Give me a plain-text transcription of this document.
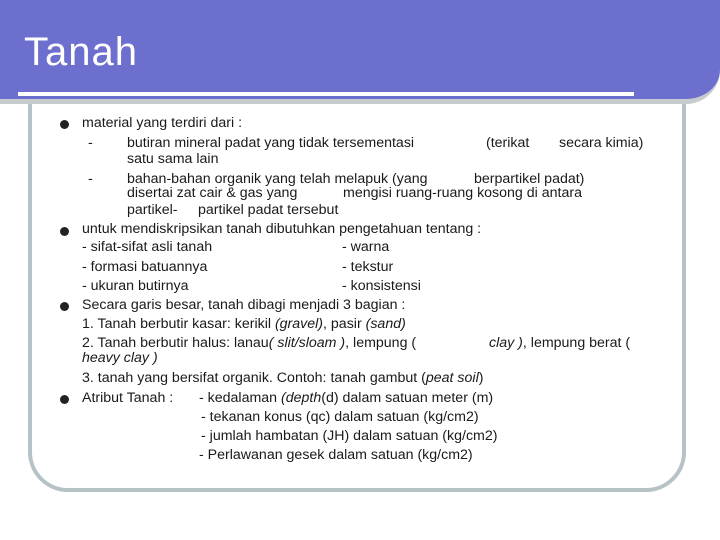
Tanah
material yang terdiri dari :
- butiran mineral padat yang tidak tersementasi	(terikat secara kimia)
satu sama lain
- bahan-bahan organik yang telah melapuk (yang	berpartikel padat)
disertai zat cair & gas yang	mengisi ruang-ruang kosong di antara
partikel- partikel padat tersebut
untuk mendiskripsikan tanah dibutuhkan pengetahuan tentang :
- sifat-sifat asli tanah	- warna
- formasi batuannya	- tekstur
- ukuran butirnya	- konsistensi
Secara garis besar, tanah dibagi menjadi 3 bagian :
1. Tanah berbutir kasar: kerikil (gravel), pasir (sand)
2. Tanah berbutir halus: lanau( slit/sloam ), lempung (	clay ), lempung berat (
heavy clay )
3. tanah yang bersifat organik. Contoh: tanah gambut (peat soil)
Atribut Tanah : - kedalaman (depth(d) dalam satuan meter (m)
- tekanan konus (qc) dalam satuan (kg/cm2)
- jumlah hambatan (JH) dalam satuan (kg/cm2)
- Perlawanan gesek dalam satuan (kg/cm2)
